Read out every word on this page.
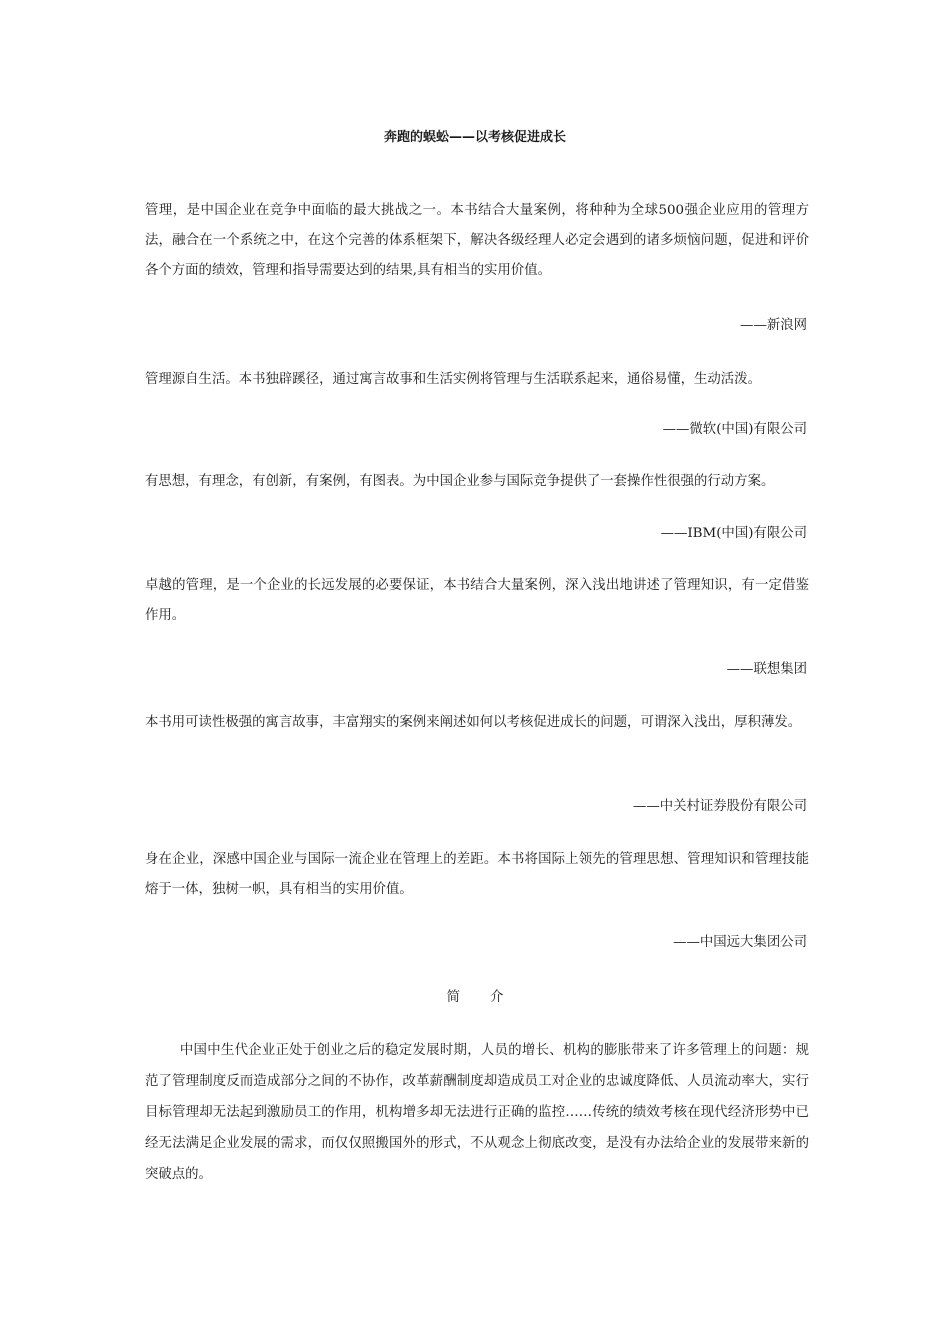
奔跑的蜈蚣——以考核促进成长

管理，是中国企业在竞争中面临的最大挑战之一。本书结合大量案例，将种种为全球500强企业应用的管理方法，融合在一个系统之中，在这个完善的体系框架下，解决各级经理人必定会遇到的诸多烦恼问题，促进和评价各个方面的绩效，管理和指导需要达到的结果,具有相当的实用价值。

——新浪网

管理源自生活。本书独辟蹊径，通过寓言故事和生活实例将管理与生活联系起来，通俗易懂，生动活泼。

——微软(中国)有限公司

有思想，有理念，有创新，有案例，有图表。为中国企业参与国际竞争提供了一套操作性很强的行动方案。

——IBM(中国)有限公司

卓越的管理，是一个企业的长远发展的必要保证，本书结合大量案例，深入浅出地讲述了管理知识，有一定借鉴作用。

——联想集团

本书用可读性极强的寓言故事，丰富翔实的案例来阐述如何以考核促进成长的问题，可谓深入浅出，厚积薄发。

——中关村证券股份有限公司

身在企业，深感中国企业与国际一流企业在管理上的差距。本书将国际上领先的管理思想、管理知识和管理技能熔于一体，独树一帜，具有相当的实用价值。

——中国远大集团公司
简 介

中国中生代企业正处于创业之后的稳定发展时期，人员的增长、机构的膨胀带来了许多管理上的问题：规范了管理制度反而造成部分之间的不协作，改革薪酬制度却造成员工对企业的忠诚度降低、人员流动率大，实行目标管理却无法起到激励员工的作用，机构增多却无法进行正确的监控……传统的绩效考核在现代经济形势中已经无法满足企业发展的需求，而仅仅照搬国外的形式，不从观念上彻底改变，是没有办法给企业的发展带来新的突破点的。
